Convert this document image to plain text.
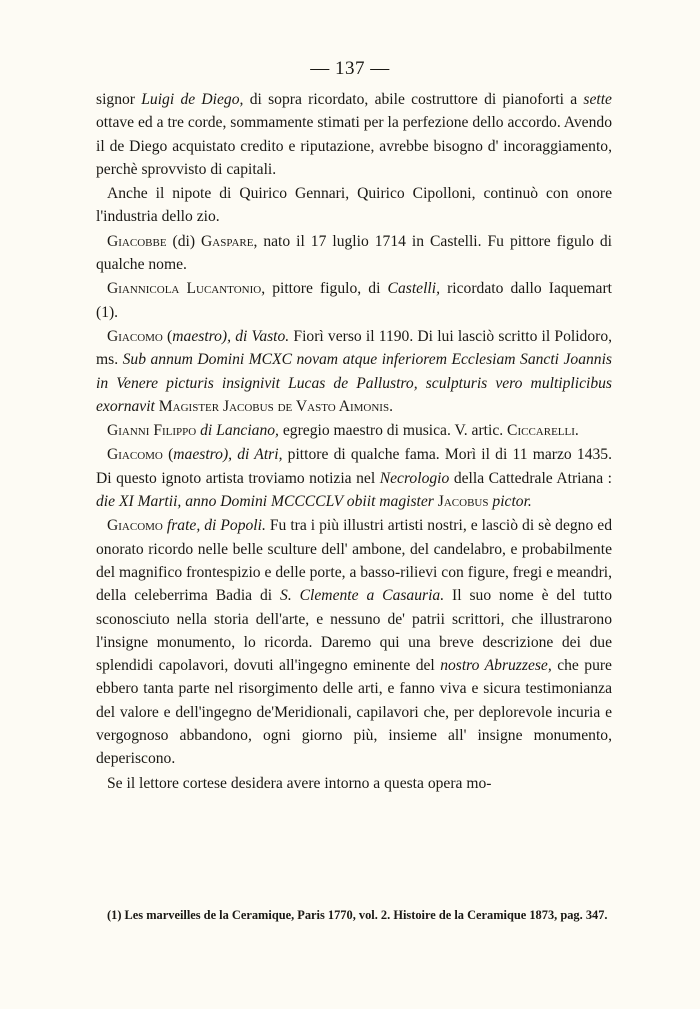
— 137 —

signor Luigi de Diego, di sopra ricordato, abile costruttore di pianoforti a sette ottave ed a tre corde, sommamente stimati per la perfezione dello accordo. Avendo il de Diego acquistato credito e riputazione, avrebbe bisogno d' incoraggiamento, perchè sprovvisto di capitali.

Anche il nipote di Quirico Gennari, Quirico Cipolloni, continuò con onore l'industria dello zio.

Giacobbe (di) Gaspare, nato il 17 luglio 1714 in Castelli. Fu pittore figulo di qualche nome.

Giannicola Lucantonio, pittore figulo, di Castelli, ricordato dallo Iaquemart (1).

Giacomo (maestro), di Vasto. Fiorì verso il 1190. Di lui lasciò scritto il Polidoro, ms. Sub annum Domini MCXC novam atque inferiorem Ecclesiam Sancti Joannis in Venere picturis insignivit Lucas de Pallustro, sculpturis vero multiplicibus exornavit Magister Jacobus de Vasto Aimonis.

Gianni Filippo di Lanciano, egregio maestro di musica. V. artic. Ciccarelli.

Giacomo (maestro), di Atri, pittore di qualche fama. Morì il di 11 marzo 1435. Di questo ignoto artista troviamo notizia nel Necrologio della Cattedrale Atriana : die XI Martii, anno Domini MCCCCLV obiit magister Jacobus pictor.

Giacomo frate, di Popoli. Fu tra i più illustri artisti nostri, e lasciò di sè degno ed onorato ricordo nelle belle sculture dell' ambone, del candelabro, e probabilmente del magnifico frontespizio e delle porte, a basso-rilievi con figure, fregi e meandri, della celeberrima Badia di S. Clemente a Casauria. Il suo nome è del tutto sconosciuto nella storia dell'arte, e nessuno de' patrii scrittori, che illustrarono l'insigne monumento, lo ricorda. Daremo qui una breve descrizione dei due splendidi capolavori, dovuti all'ingegno eminente del nostro Abruzzese, che pure ebbero tanta parte nel risorgimento delle arti, e fanno viva e sicura testimonianza del valore e dell'ingegno de'Meridionali, capilavori che, per deplorevole incuria e vergognoso abbandono, ogni giorno più, insieme all' insigne monumento, deperiscono.

Se il lettore cortese desidera avere intorno a questa opera mo-

(1) Les marveilles de la Ceramique, Paris 1770, vol. 2. Histoire de la Ceramique 1873, pag. 347.
